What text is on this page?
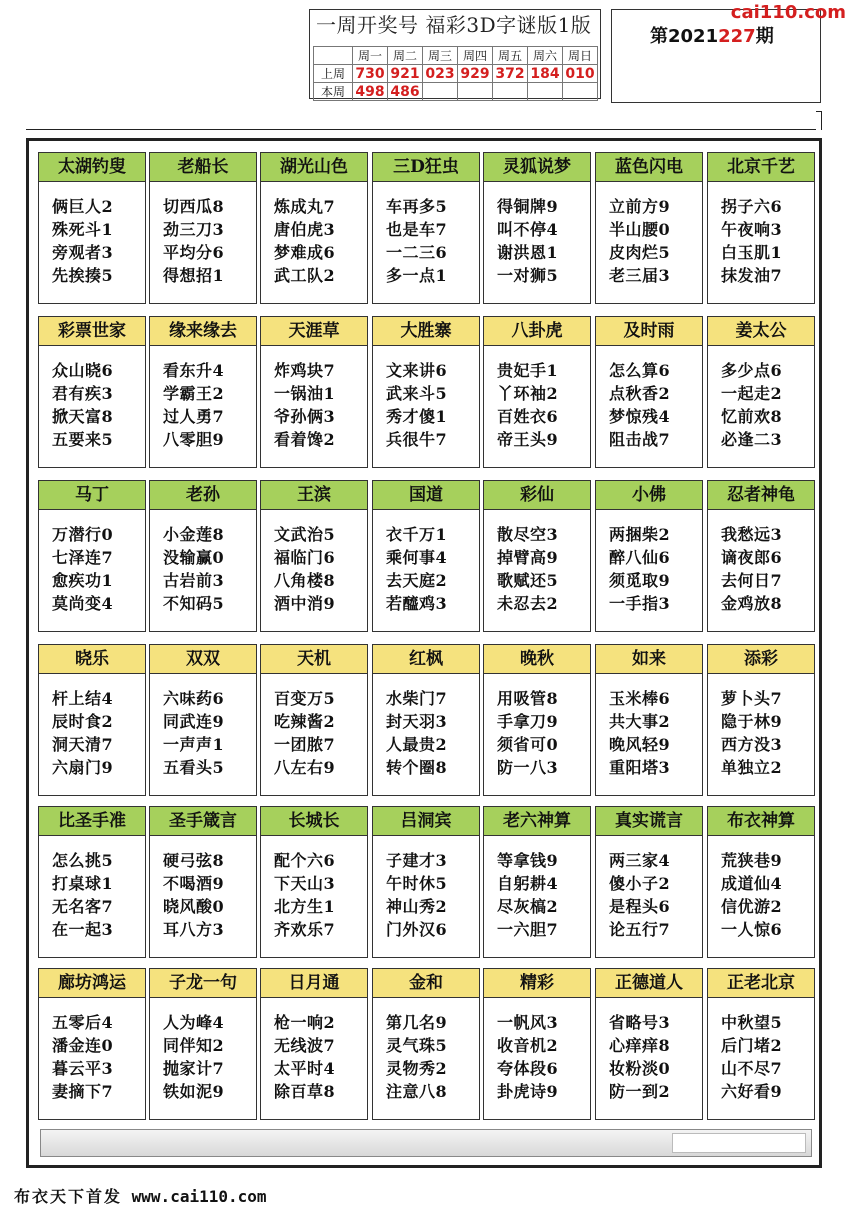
一周开奖号 福彩3D字谜版1版
	周一	周二	周三	周四	周五	周六	周日
上周	730	921	023	929	372	184	010
本周	498	486					
第2021227期
cai110.com
太湖钓叟
俩巨人2
殊死斗1
旁观者3
先挨揍5
老船长
切西瓜8
劲三刀3
平均分6
得想招1
湖光山色
炼成丸7
唐伯虎3
梦难成6
武工队2
三D狂虫
车再多5
也是车7
一二三6
多一点1
灵狐说梦
得铜牌9
叫不停4
谢洪恩1
一对狮5
蓝色闪电
立前方9
半山腰0
皮肉烂5
老三届3
北京千艺
拐子六6
午夜响3
白玉肌1
抹发油7
彩票世家
众山晓6
君有疾3
掀天富8
五要来5
缘来缘去
看东升4
学霸王2
过人勇7
八零胆9
天涯草
炸鸡块7
一锅油1
爷孙俩3
看着馋2
大胜寨
文来讲6
武来斗5
秀才傻1
兵很牛7
八卦虎
贵妃手1
丫环袖2
百姓衣6
帝王头9
及时雨
怎么算6
点秋香2
梦惊残4
阻击战7
姜太公
多少点6
一起走2
忆前欢8
必逢二3
马丁
万潜行0
七泽连7
愈疾功1
莫尚变4
老孙
小金莲8
没输赢0
古岩前3
不知码5
王滨
文武治5
福临门6
八角楼8
酒中消9
国道
衣千万1
乘何事4
去天庭2
若醯鸡3
彩仙
散尽空3
掉臂高9
歌赋还5
未忍去2
小佛
两捆柴2
醉八仙6
须觅取9
一手指3
忍者神龟
我愁远3
谪夜郎6
去何日7
金鸡放8
晓乐
杆上结4
辰时食2
洞天清7
六扇门9
双双
六味药6
同武连9
一声声1
五看头5
天机
百变万5
吃辣酱2
一团脓7
八左右9
红枫
水柴门7
封天羽3
人最贵2
转个圈8
晚秋
用吸管8
手拿刀9
须省可0
防一八3
如来
玉米棒6
共大事2
晚风轻9
重阳塔3
添彩
萝卜头7
隐于林9
西方没3
单独立2
比圣手准
怎么挑5
打桌球1
无名客7
在一起3
圣手箴言
硬弓弦8
不喝酒9
晓风酸0
耳八方3
长城长
配个六6
下天山3
北方生1
齐欢乐7
吕洞宾
子建才3
午时休5
神山秀2
门外汉6
老六神算
等拿钱9
自躬耕4
尽灰槁2
一六胆7
真实谎言
两三家4
傻小子2
是程头6
论五行7
布衣神算
荒狭巷9
成道仙4
信优游2
一人惊6
廊坊鸿运
五零后4
潘金连0
暮云平3
妻摘下7
子龙一句
人为峰4
同伴知2
抛家计7
铁如泥9
日月通
枪一响2
无线波7
太平时4
除百草8
金和
第几名9
灵气珠5
灵物秀2
注意八8
精彩
一帆风3
收音机2
夸体段6
卦虎诗9
正德道人
省略号3
心痒痒8
妆粉淡0
防一到2
正老北京
中秋望5
后门堵2
山不尽7
六好看9
布衣天下首发 www.cai110.com
